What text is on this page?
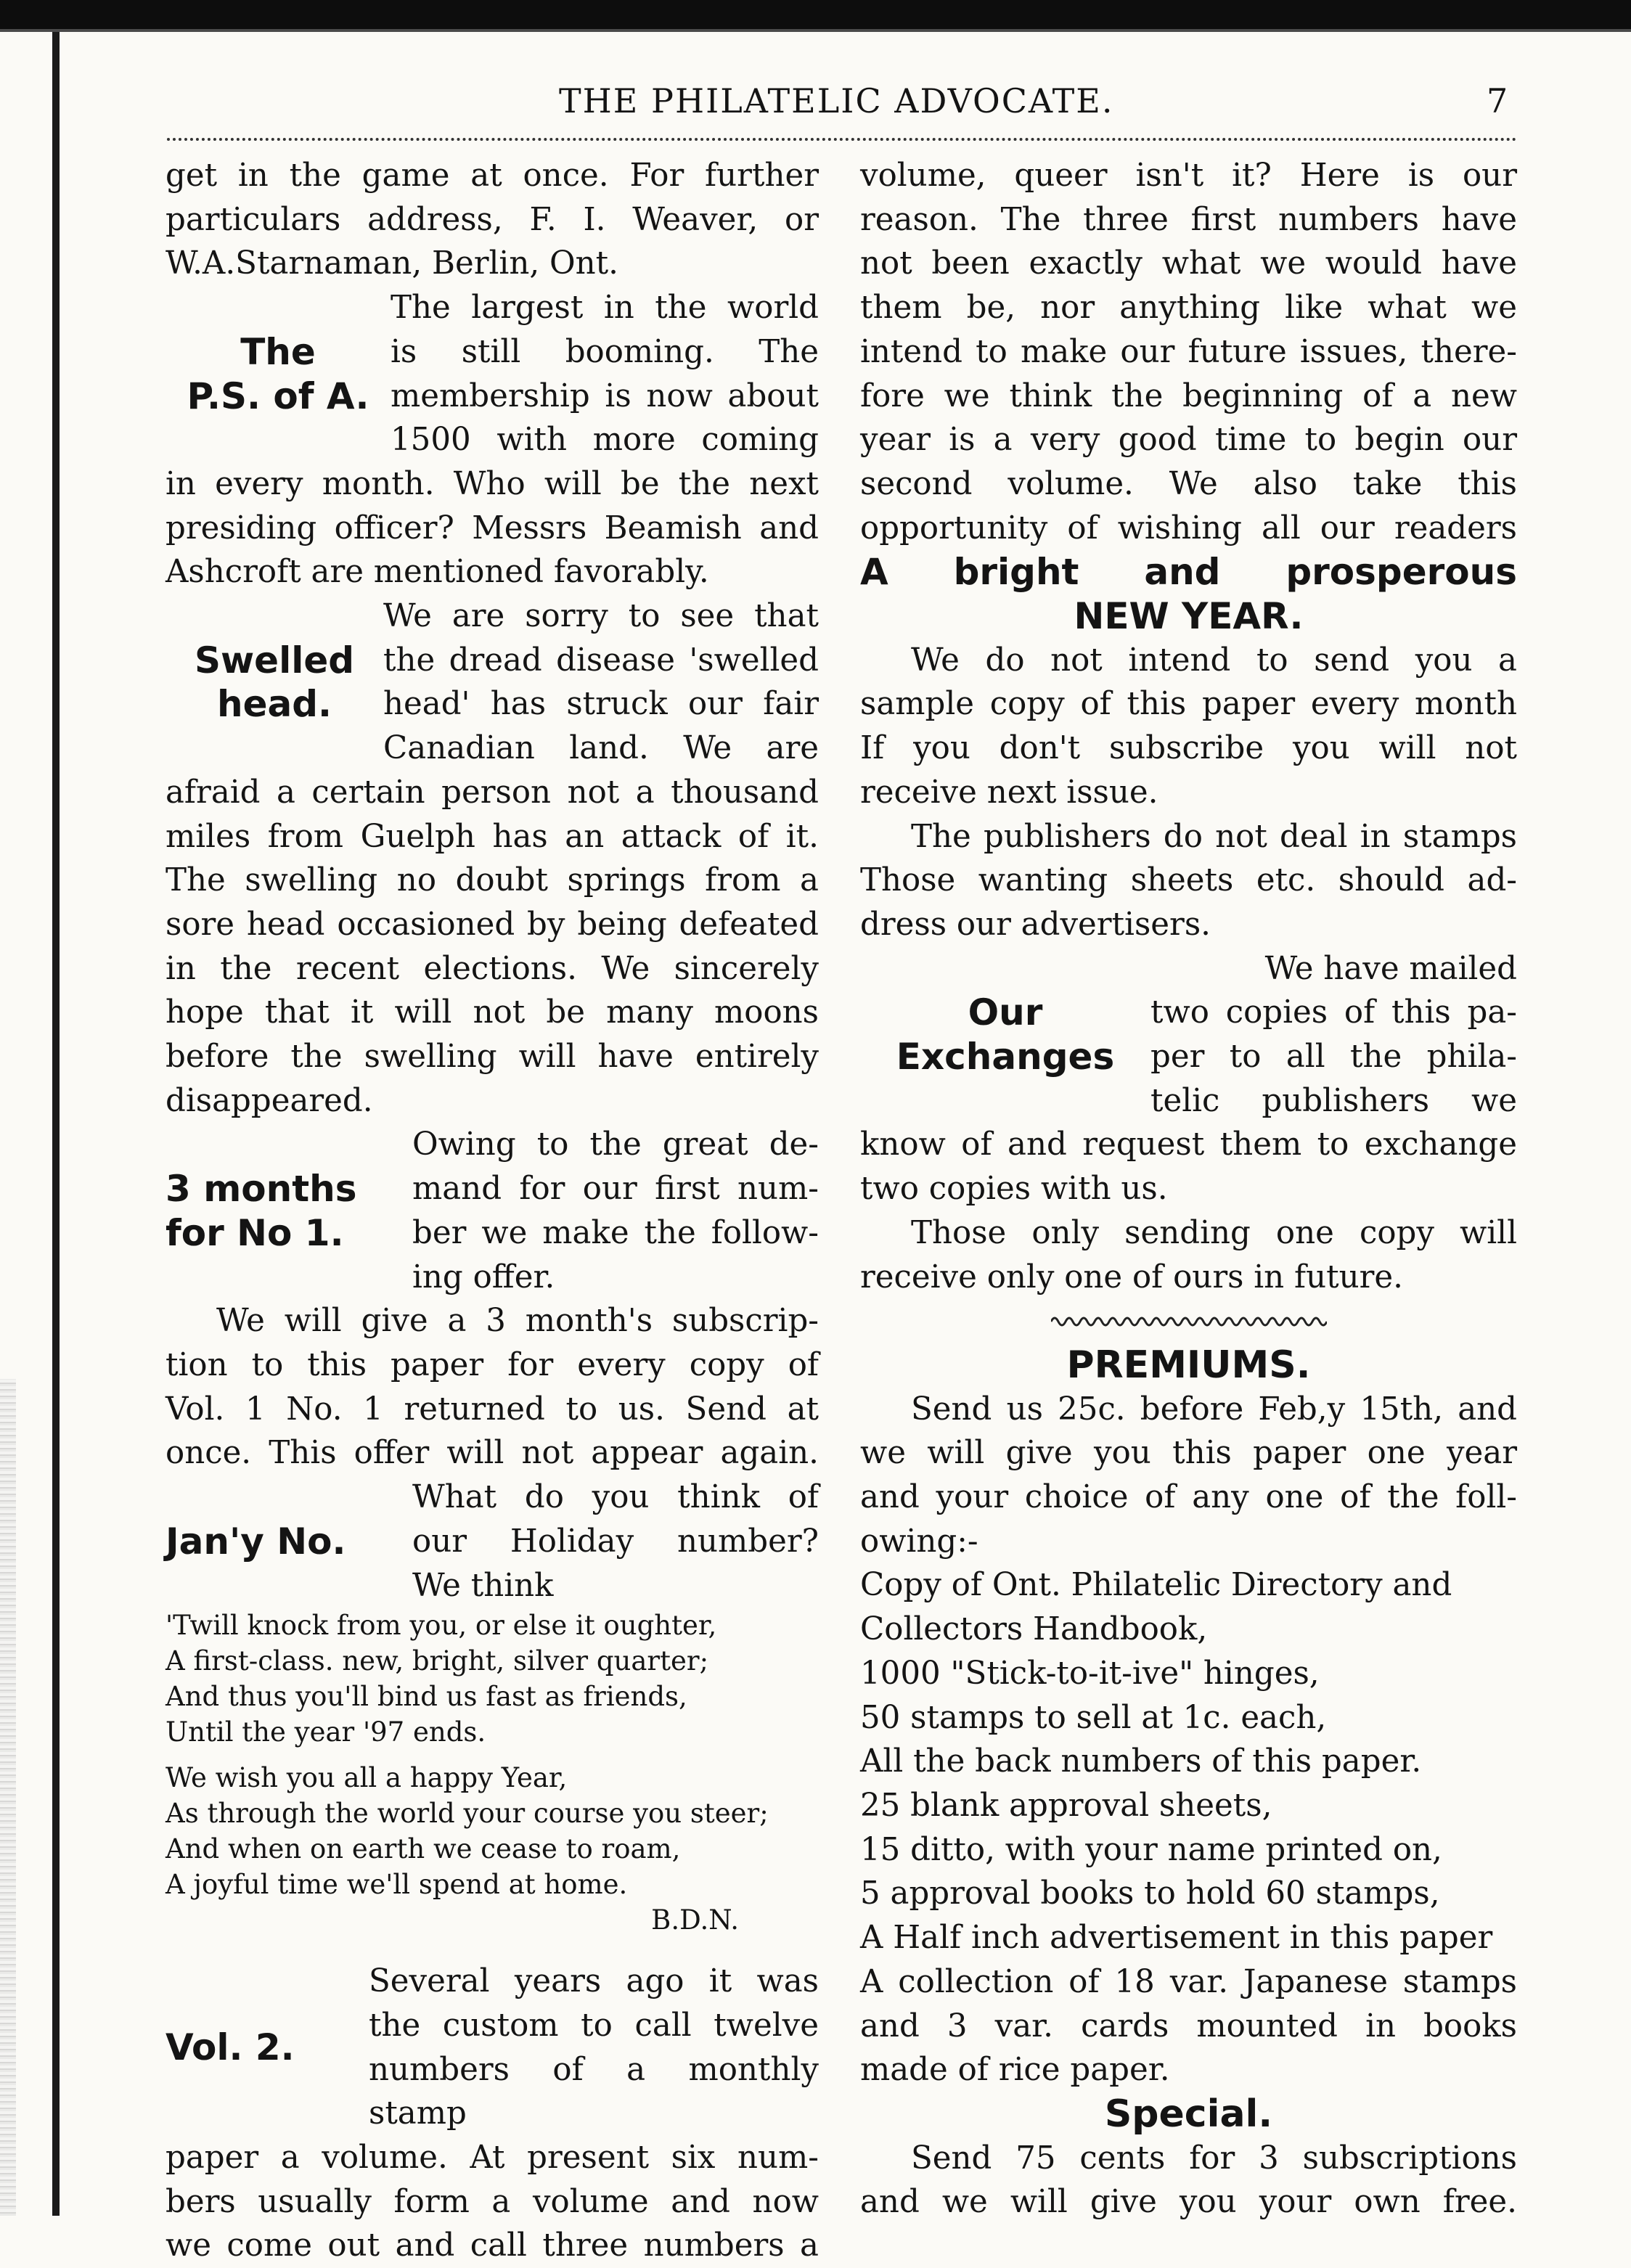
THE PHILATELIC ADVOCATE.	7

get in the game at once. For further

particulars address, F. I. Weaver, or

W.A.Starnaman, Berlin, Ont.

The
P.S. of A.

The largest in the world

is still booming. The

membership is now about

1500 with more coming

in every month. Who will be the next

presiding officer? Messrs Beamish and

Ashcroft are mentioned favorably.

Swelled
head.

We are sorry to see that

the dread disease 'swelled

head' has struck our fair

Canadian land. We are

afraid a certain person not a thousand

miles from Guelph has an attack of it.

The swelling no doubt springs from a

sore head occasioned by being defeated

in the recent elections. We sincerely

hope that it will not be many moons

before the swelling will have entirely

disappeared.

3 months
for No 1.

Owing to the great de-

mand for our first num-

ber we make the follow-

ing offer.

We will give a 3 month's subscrip-

tion to this paper for every copy of

Vol. 1 No. 1 returned to us. Send at

once. This offer will not appear again.

Jan'y No.

What do you think of

our Holiday number?

We think

'Twill knock from you, or else it oughter,

A first-class. new, bright, silver quarter;

And thus you'll bind us fast as friends,

Until the year '97 ends.

We wish you all a happy Year,

As through the world your course you steer;

And when on earth we cease to roam,

A joyful time we'll spend at home.

B.D.N.

Vol. 2.

Several years ago it was

the custom to call twelve

numbers of a monthly stamp

paper a volume. At present six num-

bers usually form a volume and now

we come out and call three numbers a

volume, queer isn't it? Here is our

reason. The three first numbers have

not been exactly what we would have

them be, nor anything like what we

intend to make our future issues, there-

fore we think the beginning of a new

year is a very good time to begin our

second volume. We also take this

opportunity of wishing all our readers

A bright and prosperous

NEW YEAR.

We do not intend to send you a

sample copy of this paper every month

If you don't subscribe you will not

receive next issue.

The publishers do not deal in stamps

Those wanting sheets etc. should ad-

dress our advertisers.

Our
Exchanges

We have mailed

two copies of this pa-

per to all the phila-

telic publishers we

know of and request them to exchange

two copies with us.

Those only sending one copy will

receive only one of ours in future.

PREMIUMS.

Send us 25c. before Feb,y 15th, and

we will give you this paper one year

and your choice of any one of the foll-

owing:-

Copy of Ont. Philatelic Directory and

Collectors Handbook,

1000 "Stick-to-it-ive" hinges,

50 stamps to sell at 1c. each,

All the back numbers of this paper.

25 blank approval sheets,

15 ditto, with your name printed on,

5 approval books to hold 60 stamps,

A Half inch advertisement in this paper

A collection of 18 var. Japanese stamps

and 3 var. cards mounted in books

made of rice paper.

Special.

Send 75 cents for 3 subscriptions

and we will give you your own free.
